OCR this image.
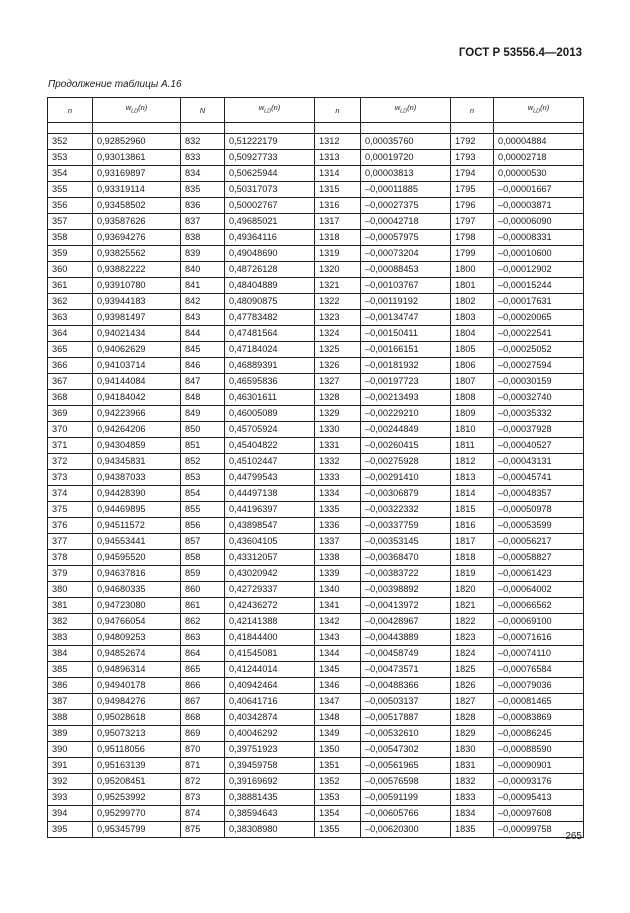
ГОСТ Р 53556.4—2013
Продолжение таблицы А.16
n	$w_{LD}(n)$	N	$w_{LD}(n)$	n	$w_{LD}(n)$	n	$w_{LD}(n)$

352	0,92852960	832	0,51222179	1312	0,00035760	1792	0,00004884
353	0,93013861	833	0,50927733	1313	0,00019720	1793	0,00002718
354	0,93169897	834	0,50625944	1314	0,00003813	1794	0,00000530
355	0,93319114	835	0,50317073	1315	–0,00011885	1795	–0,00001667
356	0,93458502	836	0,50002767	1316	–0,00027375	1796	–0,00003871
357	0,93587626	837	0,49685021	1317	–0,00042718	1797	–0,00006090
358	0,93694276	838	0,49364116	1318	–0,00057975	1798	–0,00008331
359	0,93825562	839	0,49048690	1319	–0,00073204	1799	–0,00010600
360	0,93882222	840	0,48726128	1320	–0,00088453	1800	–0,00012902
361	0,93910780	841	0,48404889	1321	–0,00103767	1801	–0,00015244
362	0,93944183	842	0,48090875	1322	–0,00119192	1802	–0,00017631
363	0,93981497	843	0,47783482	1323	–0,00134747	1803	–0,00020065
364	0,94021434	844	0,47481564	1324	–0,00150411	1804	–0,00022541
365	0,94062629	845	0,47184024	1325	–0,00166151	1805	–0,00025052
366	0,94103714	846	0,46889391	1326	–0,00181932	1806	–0,00027594
367	0,94144084	847	0,46595836	1327	–0,00197723	1807	–0,00030159
368	0,94184042	848	0,46301611	1328	–0,00213493	1808	–0,00032740
369	0,94223966	849	0,46005089	1329	–0,00229210	1809	–0,00035332
370	0,94264206	850	0,45705924	1330	–0,00244849	1810	–0,00037928
371	0,94304859	851	0,45404822	1331	–0,00260415	1811	–0,00040527
372	0,94345831	852	0,45102447	1332	–0,00275928	1812	–0,00043131
373	0,94387033	853	0,44799543	1333	–0,00291410	1813	–0,00045741
374	0,94428390	854	0,44497138	1334	–0,00306879	1814	–0,00048357
375	0,94469895	855	0,44196397	1335	–0,00322332	1815	–0,00050978
376	0,94511572	856	0,43898547	1336	–0,00337759	1816	–0,00053599
377	0,94553441	857	0,43604105	1337	–0,00353145	1817	–0,00056217
378	0,94595520	858	0,43312057	1338	–0,00368470	1818	–0,00058827
379	0,94637816	859	0,43020942	1339	–0,00383722	1819	–0,00061423
380	0,94680335	860	0,42729337	1340	–0,00398892	1820	–0,00064002
381	0,94723080	861	0,42436272	1341	–0,00413972	1821	–0,00066562
382	0,94766054	862	0,42141388	1342	–0,00428967	1822	–0,00069100
383	0,94809253	863	0,41844400	1343	–0,00443889	1823	–0,00071616
384	0,94852674	864	0,41545081	1344	–0,00458749	1824	–0,00074110
385	0,94896314	865	0,41244014	1345	–0,00473571	1825	–0,00076584
386	0,94940178	866	0,40942464	1346	–0,00488366	1826	–0,00079036
387	0,94984276	867	0,40641716	1347	–0,00503137	1827	–0,00081465
388	0,95028618	868	0,40342874	1348	–0,00517887	1828	–0,00083869
389	0,95073213	869	0,40046292	1349	–0,00532610	1829	–0,00086245
390	0,95118056	870	0,39751923	1350	–0,00547302	1830	–0,00088590
391	0,95163139	871	0,39459758	1351	–0,00561965	1831	–0,00090901
392	0,95208451	872	0,39169692	1352	–0,00576598	1832	–0,00093176
393	0,95253992	873	0,38881435	1353	–0,00591199	1833	–0,00095413
394	0,95299770	874	0,38594643	1354	–0,00605766	1834	–0,00097608
395	0,95345799	875	0,38308980	1355	–0,00620300	1835	–0,00099758
265
